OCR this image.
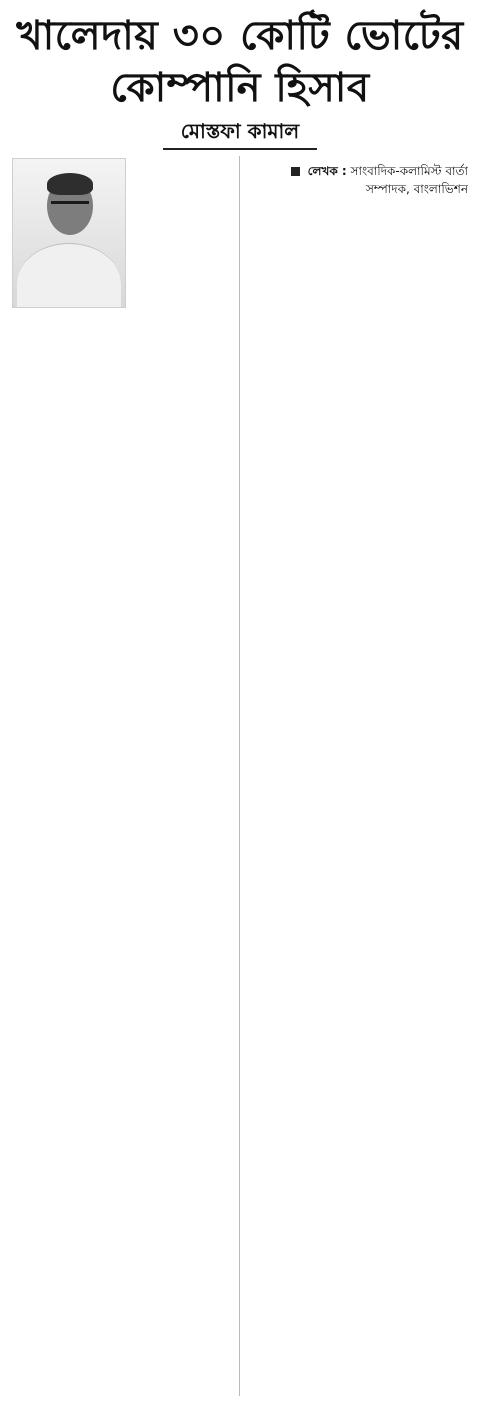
খালেদায় ৩০ কোটি ভোটের
কোম্পানি হিসাব
মোস্তফা কামাল

লেখক : সাংবাদিক-কলামিস্ট বার্তা সম্পাদক, বাংলাভিশন
